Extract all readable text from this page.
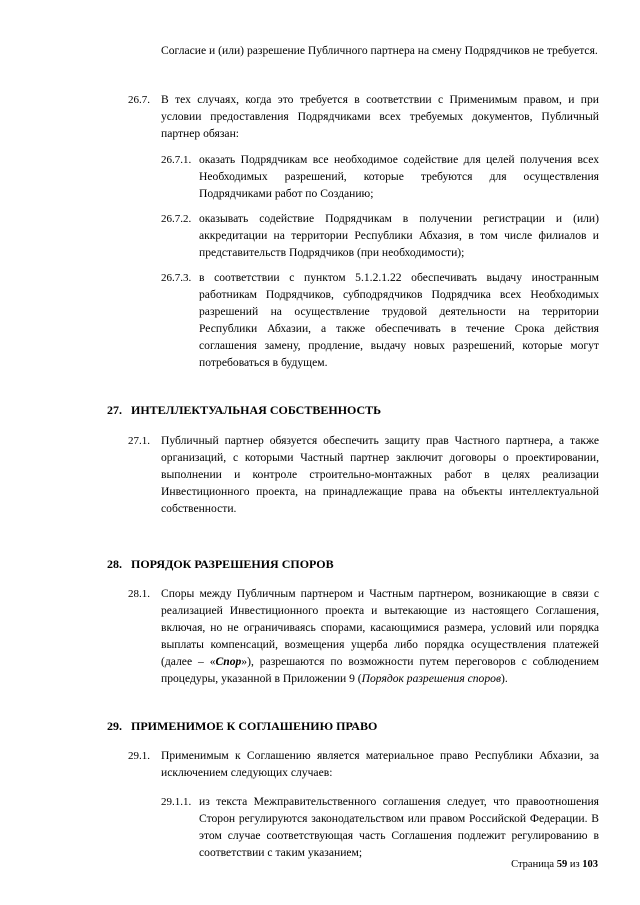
Согласие и (или) разрешение Публичного партнера на смену Подрядчиков не требуется.
26.7. В тех случаях, когда это требуется в соответствии с Применимым правом, и при условии предоставления Подрядчиками всех требуемых документов, Публичный партнер обязан:
26.7.1. оказать Подрядчикам все необходимое содействие для целей получения всех Необходимых разрешений, которые требуются для осуществления Подрядчиками работ по Созданию;
26.7.2. оказывать содействие Подрядчикам в получении регистрации и (или) аккредитации на территории Республики Абхазия, в том числе филиалов и представительств Подрядчиков (при необходимости);
26.7.3. в соответствии с пунктом 5.1.2.1.22 обеспечивать выдачу иностранным работникам Подрядчиков, субподрядчиков Подрядчика всех Необходимых разрешений на осуществление трудовой деятельности на территории Республики Абхазии, а также обеспечивать в течение Срока действия соглашения замену, продление, выдачу новых разрешений, которые могут потребоваться в будущем.
27. ИНТЕЛЛЕКТУАЛЬНАЯ СОБСТВЕННОСТЬ
27.1. Публичный партнер обязуется обеспечить защиту прав Частного партнера, а также организаций, с которыми Частный партнер заключит договоры о проектировании, выполнении и контроле строительно-монтажных работ в целях реализации Инвестиционного проекта, на принадлежащие права на объекты интеллектуальной собственности.
28. ПОРЯДОК РАЗРЕШЕНИЯ СПОРОВ
28.1. Споры между Публичным партнером и Частным партнером, возникающие в связи с реализацией Инвестиционного проекта и вытекающие из настоящего Соглашения, включая, но не ограничиваясь спорами, касающимися размера, условий или порядка выплаты компенсаций, возмещения ущерба либо порядка осуществления платежей (далее – «Спор»), разрешаются по возможности путем переговоров с соблюдением процедуры, указанной в Приложении 9 (Порядок разрешения споров).
29. ПРИМЕНИМОЕ К СОГЛАШЕНИЮ ПРАВО
29.1. Применимым к Соглашению является материальное право Республики Абхазии, за исключением следующих случаев:
29.1.1. из текста Межправительственного соглашения следует, что правоотношения Сторон регулируются законодательством или правом Российской Федерации. В этом случае соответствующая часть Соглашения подлежит регулированию в соответствии с таким указанием;
Страница 59 из 103
